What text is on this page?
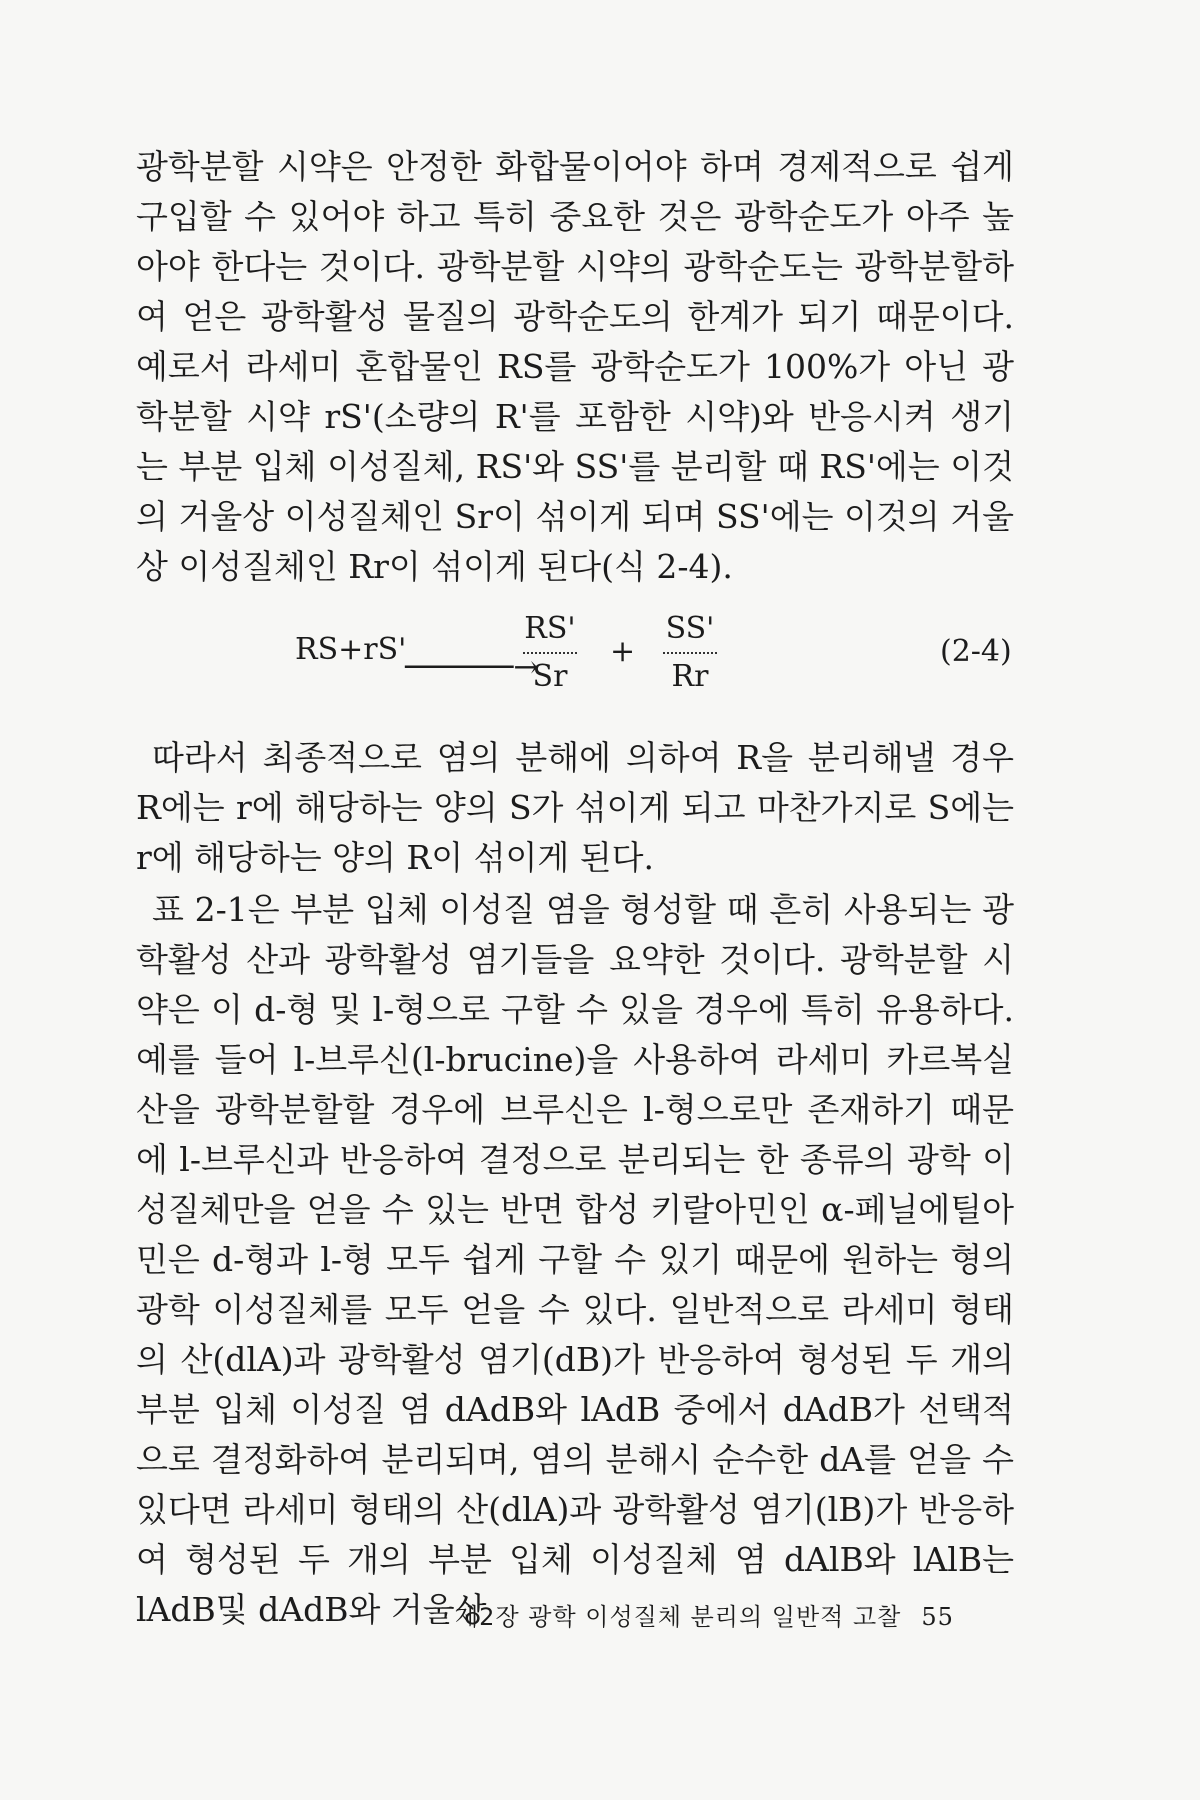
광학분할 시약은 안정한 화합물이어야 하며 경제적으로 쉽게 구입할 수 있어야 하고 특히 중요한 것은 광학순도가 아주 높아야 한다는 것이다. 광학분할 시약의 광학순도는 광학분할하여 얻은 광학활성 물질의 광학순도의 한계가 되기 때문이다. 예로서 라세미 혼합물인 RS를 광학순도가 100%가 아닌 광학분할 시약 rS'(소량의 R'를 포함한 시약)와 반응시켜 생기는 부분 입체 이성질체, RS'와 SS'를 분리할 때 RS'에는 이것의 거울상 이성질체인 Sr이 섞이게 되며 SS'에는 이것의 거울상 이성질체인 Rr이 섞이게 된다(식 2-4).

RS+rS'
──────→
RS'
Sr
+
SS'
Rr
(2-4)

따라서 최종적으로 염의 분해에 의하여 R을 분리해낼 경우 R에는 r에 해당하는 양의 S가 섞이게 되고 마찬가지로 S에는 r에 해당하는 양의 R이 섞이게 된다.

표 2-1은 부분 입체 이성질 염을 형성할 때 흔히 사용되는 광학활성 산과 광학활성 염기들을 요약한 것이다. 광학분할 시약은 이 d-형 및 l-형으로 구할 수 있을 경우에 특히 유용하다. 예를 들어 l-브루신(l-brucine)을 사용하여 라세미 카르복실산을 광학분할할 경우에 브루신은 l-형으로만 존재하기 때문에 l-브루신과 반응하여 결정으로 분리되는 한 종류의 광학 이성질체만을 얻을 수 있는 반면 합성 키랄아민인 α-페닐에틸아민은 d-형과 l-형 모두 쉽게 구할 수 있기 때문에 원하는 형의 광학 이성질체를 모두 얻을 수 있다. 일반적으로 라세미 형태의 산(dlA)과 광학활성 염기(dB)가 반응하여 형성된 두 개의 부분 입체 이성질 염 dAdB와 lAdB 중에서 dAdB가 선택적으로 결정화하여 분리되며, 염의 분해시 순수한 dA를 얻을 수 있다면 라세미 형태의 산(dlA)과 광학활성 염기(lB)가 반응하여 형성된 두 개의 부분 입체 이성질체 염 dAlB와 lAlB는 lAdB및 dAdB와 거울상

제2장 광학 이성질체 분리의 일반적 고찰 55
